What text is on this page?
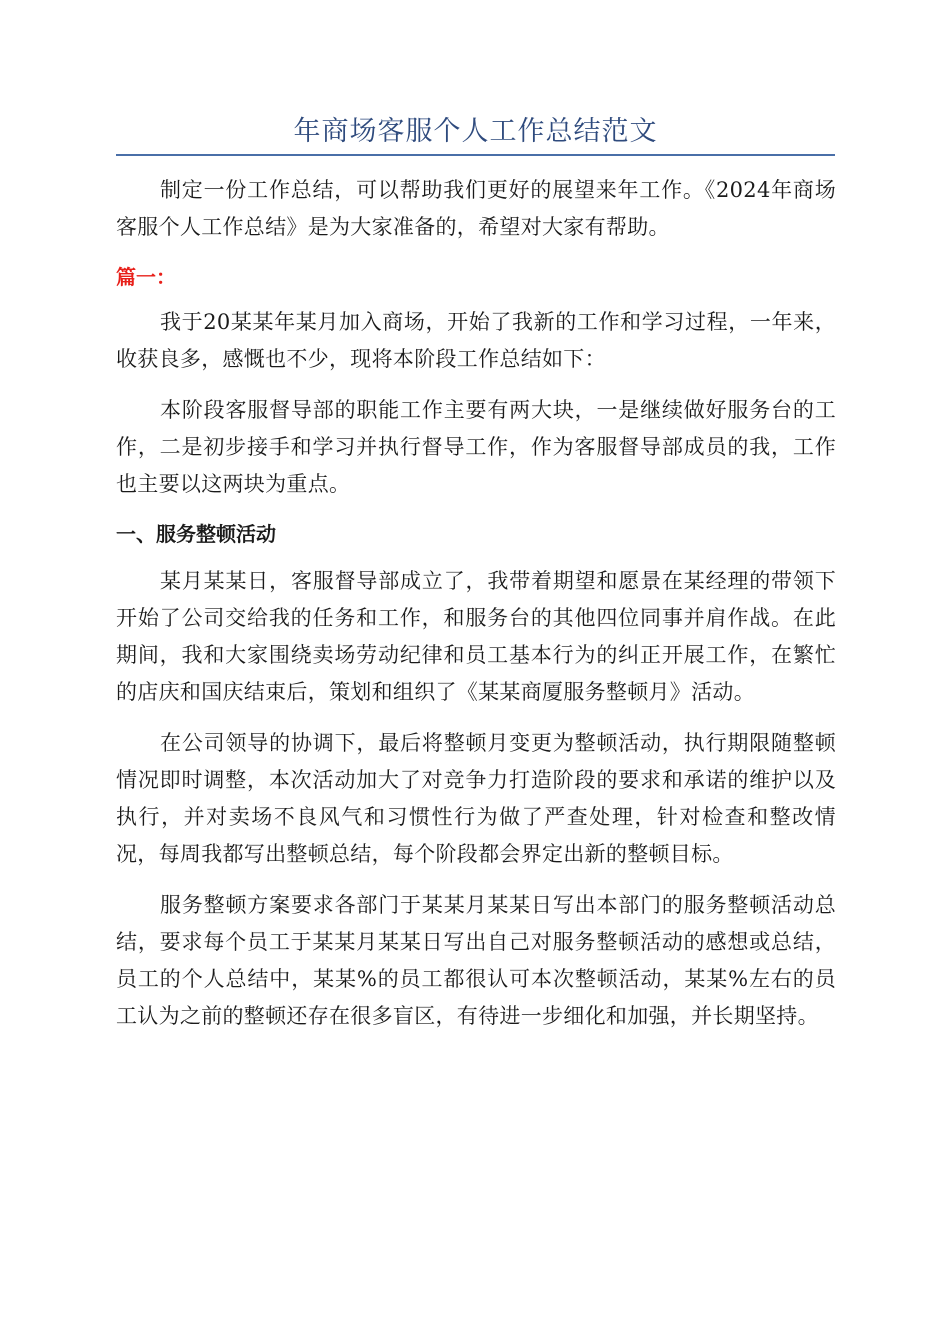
年商场客服个人工作总结范文

制定一份工作总结，可以帮助我们更好的展望来年工作。《2024年商场客服个人工作总结》是为大家准备的，希望对大家有帮助。

篇一：

我于20某某年某月加入商场，开始了我新的工作和学习过程，一年来，收获良多，感慨也不少，现将本阶段工作总结如下：

本阶段客服督导部的职能工作主要有两大块，一是继续做好服务台的工作，二是初步接手和学习并执行督导工作，作为客服督导部成员的我，工作也主要以这两块为重点。

一、服务整顿活动

某月某某日，客服督导部成立了，我带着期望和愿景在某经理的带领下开始了公司交给我的任务和工作，和服务台的其他四位同事并肩作战。在此期间，我和大家围绕卖场劳动纪律和员工基本行为的纠正开展工作，在繁忙的店庆和国庆结束后，策划和组织了《某某商厦服务整顿月》活动。

在公司领导的协调下，最后将整顿月变更为整顿活动，执行期限随整顿情况即时调整，本次活动加大了对竞争力打造阶段的要求和承诺的维护以及执行，并对卖场不良风气和习惯性行为做了严查处理，针对检查和整改情况，每周我都写出整顿总结，每个阶段都会界定出新的整顿目标。

服务整顿方案要求各部门于某某月某某日写出本部门的服务整顿活动总结，要求每个员工于某某月某某日写出自己对服务整顿活动的感想或总结，员工的个人总结中，某某%的员工都很认可本次整顿活动，某某%左右的员工认为之前的整顿还存在很多盲区，有待进一步细化和加强，并长期坚持。
